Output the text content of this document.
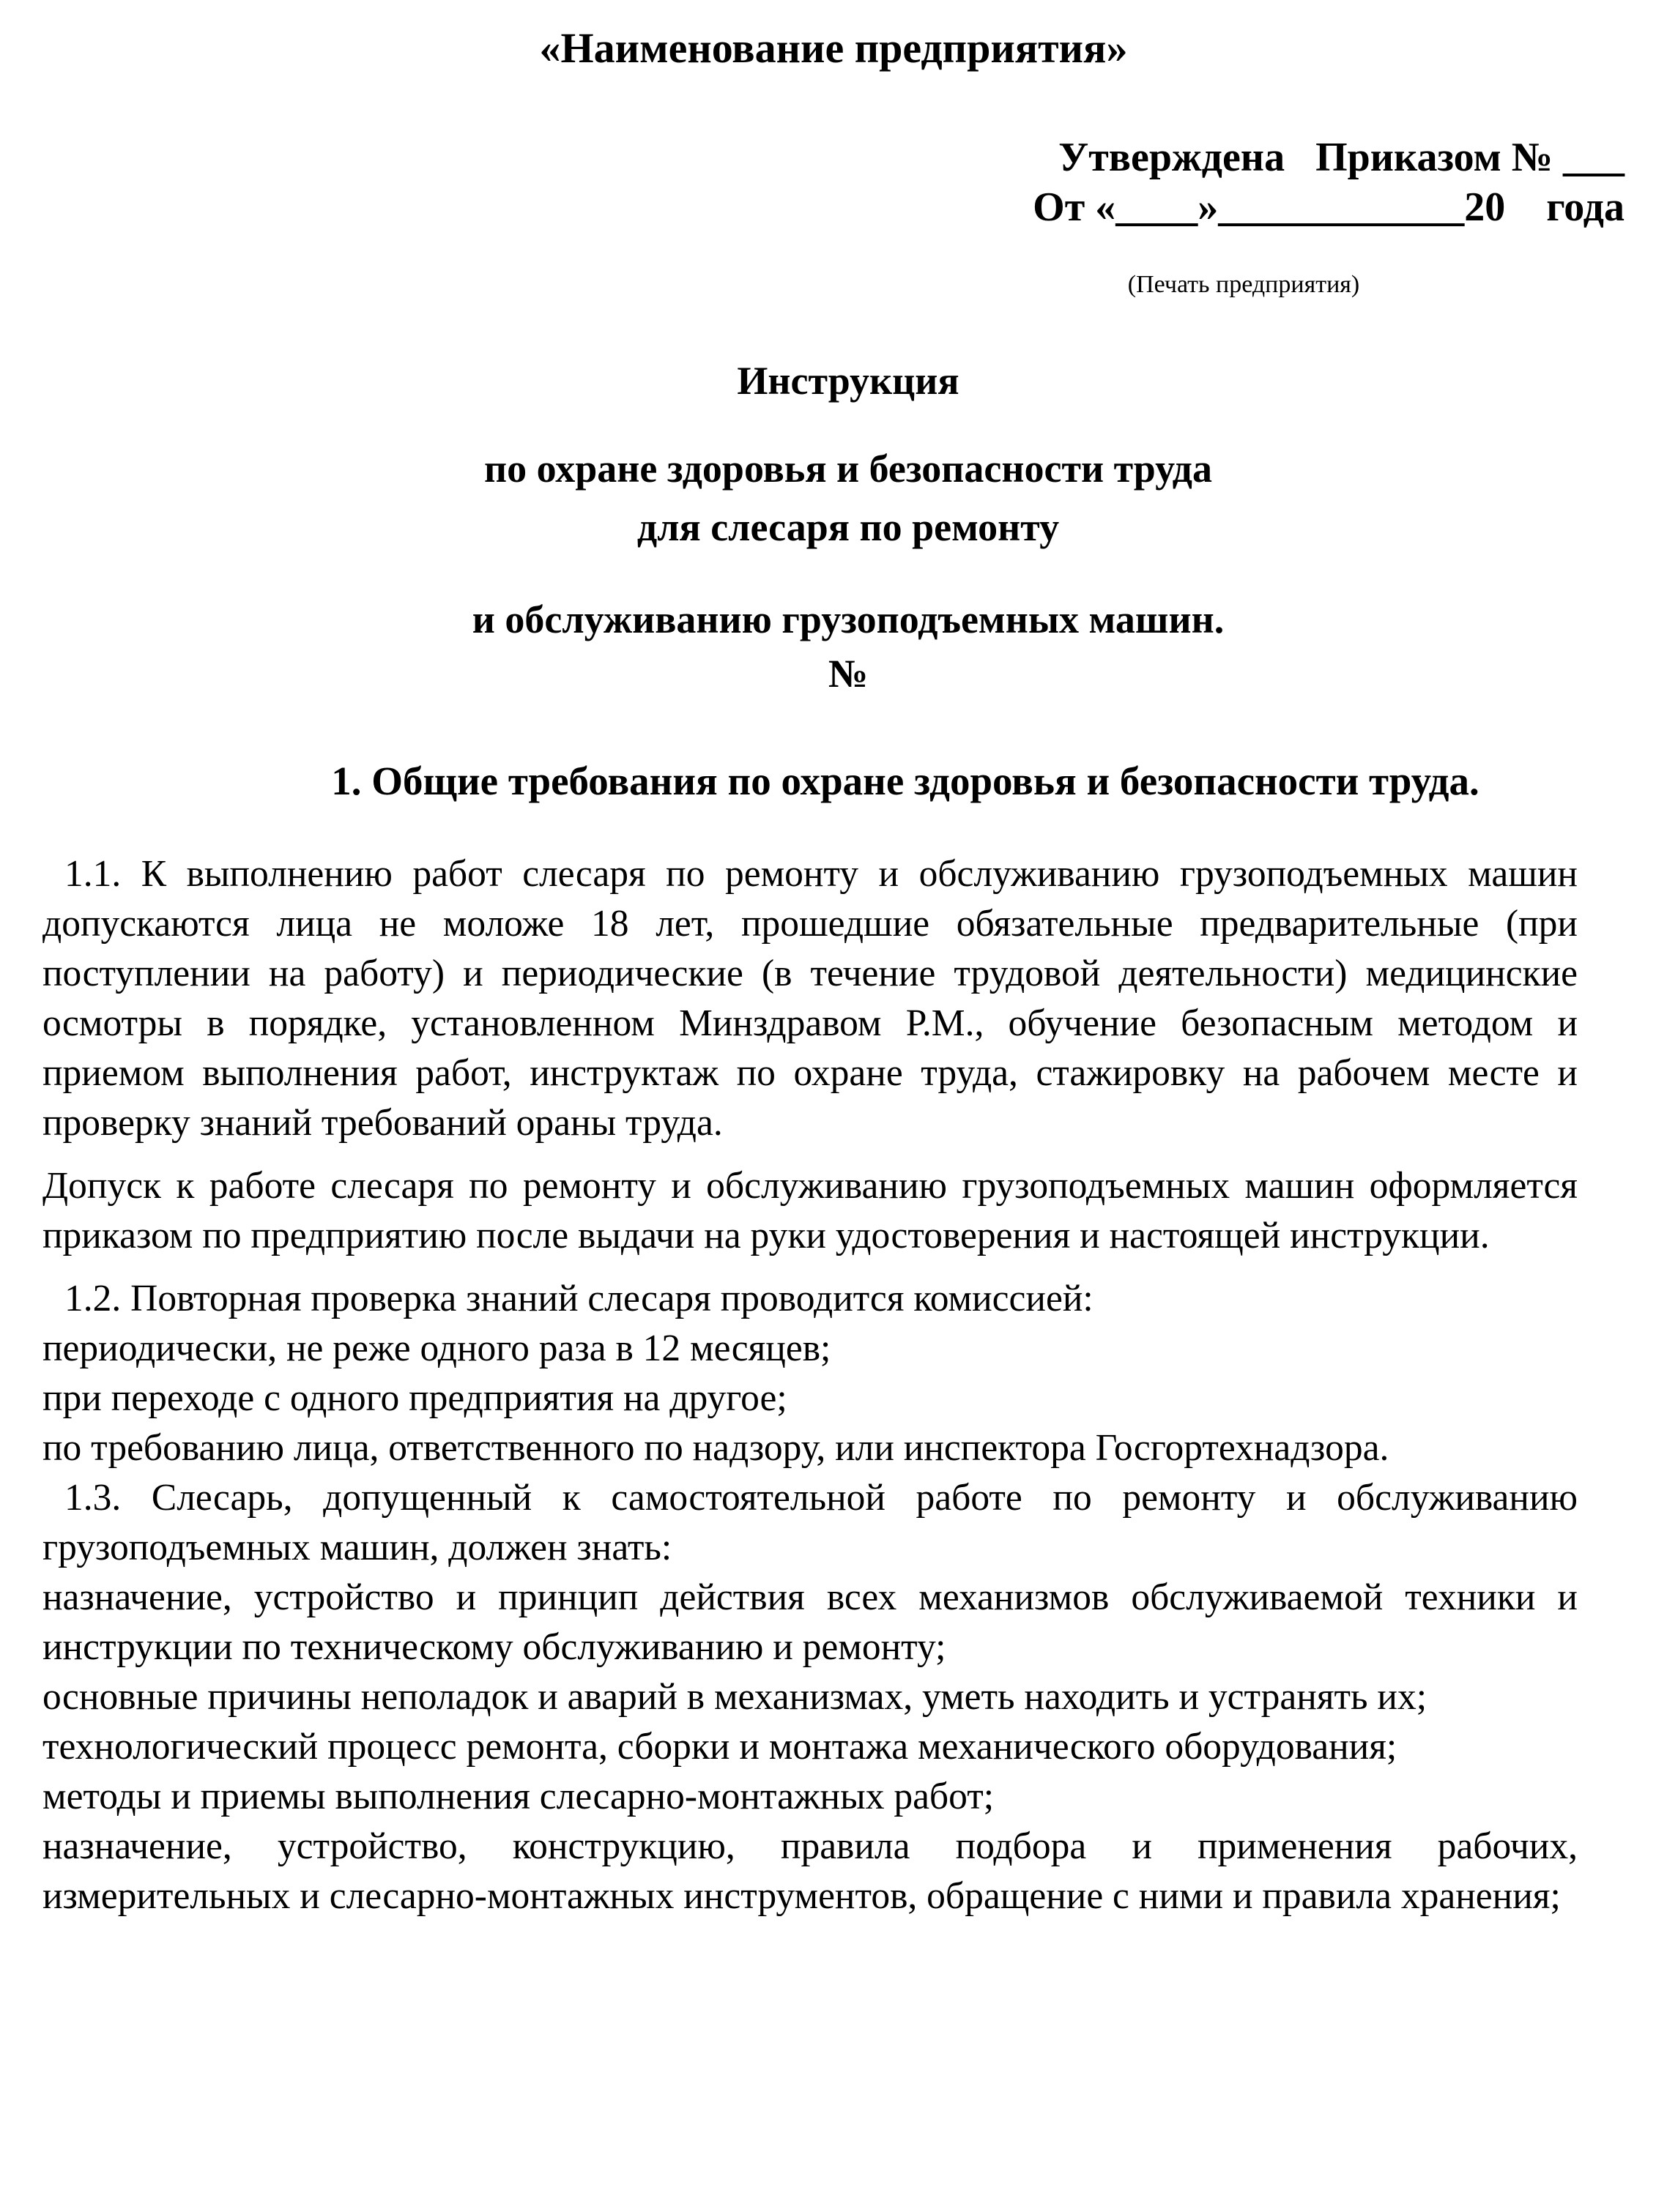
«Наименование предприятия»
Утверждена   Приказом № ___
От «____»____________20    года
(Печать предприятия)
Инструкция
по охране здоровья и безопасности труда
для слесаря по ремонту
и обслуживанию грузоподъемных машин.
№
1. Общие требования по охране здоровья и безопасности труда.

1.1. К выполнению работ слесаря по ремонту и обслуживанию грузоподъемных машин допускаются лица не моложе 18 лет, прошедшие обязательные предварительные (при поступлении на работу) и периодические (в течение трудовой деятельности) медицинские осмотры в порядке, установленном Минздравом Р.М., обучение безопасным методом и приемом выполнения работ, инструктаж по охране труда, стажировку на рабочем месте и проверку знаний требований ораны труда.

Допуск к работе слесаря по ремонту и обслуживанию грузоподъемных машин оформляется приказом по предприятию после выдачи на руки удостоверения и настоящей инструкции.

1.2. Повторная проверка знаний слесаря проводится комиссией:

периодически, не реже одного раза в 12 месяцев;

при переходе с одного предприятия на другое;

по требованию лица, ответственного по надзору, или инспектора Госгортехнадзора.

1.3. Слесарь, допущенный к самостоятельной работе по ремонту и обслуживанию грузоподъемных машин, должен знать:

назначение, устройство и принцип действия всех механизмов обслуживаемой техники и инструкции по техническому обслуживанию и ремонту;

основные причины неполадок и аварий в механизмах, уметь находить и устранять их;

технологический процесс ремонта, сборки и монтажа механического оборудования;

методы и приемы выполнения слесарно-монтажных работ;

назначение, устройство, конструкцию, правила подбора и применения рабочих, измерительных и слесарно-монтажных инструментов, обращение с ними и правила хранения;
